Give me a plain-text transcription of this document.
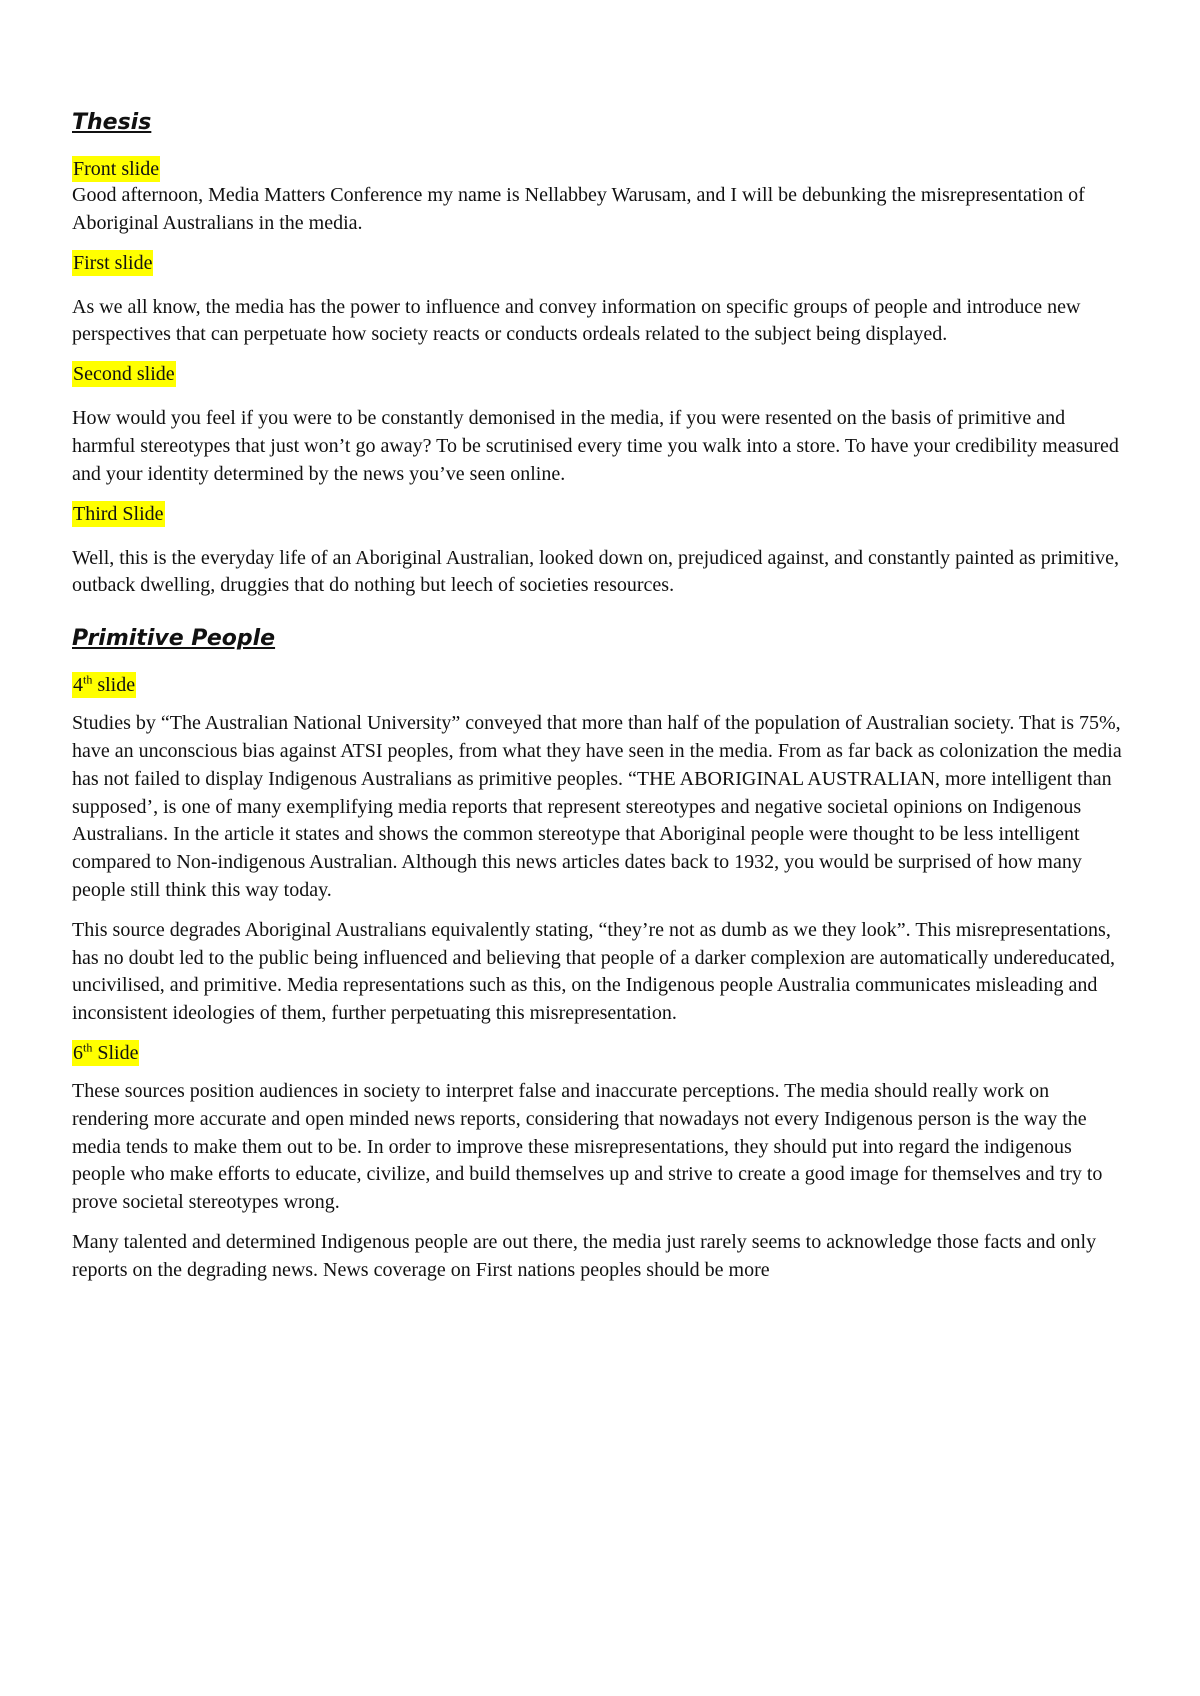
Thesis
Front slide

Good afternoon, Media Matters Conference my name is Nellabbey Warusam, and I will be debunking the misrepresentation of Aboriginal Australians in the media.

First slide

As we all know, the media has the power to influence and convey information on specific groups of people and introduce new perspectives that can perpetuate how society reacts or conducts ordeals related to the subject being displayed.

Second slide

How would you feel if you were to be constantly demonised in the media, if you were resented on the basis of primitive and harmful stereotypes that just won’t go away? To be scrutinised every time you walk into a store. To have your credibility measured and your identity determined by the news you’ve seen online.

Third Slide

Well, this is the everyday life of an Aboriginal Australian, looked down on, prejudiced against, and constantly painted as primitive, outback dwelling, druggies that do nothing but leech of societies resources.

Primitive People
4th slide

Studies by “The Australian National University” conveyed that more than half of the population of Australian society. That is 75%, have an unconscious bias against ATSI peoples, from what they have seen in the media. From as far back as colonization the media has not failed to display Indigenous Australians as primitive peoples. “THE ABORIGINAL AUSTRALIAN, more intelligent than supposed’, is one of many exemplifying media reports that represent stereotypes and negative societal opinions on Indigenous Australians. In the article it states and shows the common stereotype that Aboriginal people were thought to be less intelligent compared to Non-indigenous Australian. Although this news articles dates back to 1932, you would be surprised of how many people still think this way today.

This source degrades Aboriginal Australians equivalently stating, “they’re not as dumb as we they look”. This misrepresentations, has no doubt led to the public being influenced and believing that people of a darker complexion are automatically undereducated, uncivilised, and primitive. Media representations such as this, on the Indigenous people Australia communicates misleading and inconsistent ideologies of them, further perpetuating this misrepresentation.

6th Slide

These sources position audiences in society to interpret false and inaccurate perceptions. The media should really work on rendering more accurate and open minded news reports, considering that nowadays not every Indigenous person is the way the media tends to make them out to be. In order to improve these misrepresentations, they should put into regard the indigenous people who make efforts to educate, civilize, and build themselves up and strive to create a good image for themselves and try to prove societal stereotypes wrong.

Many talented and determined Indigenous people are out there, the media just rarely seems to acknowledge those facts and only reports on the degrading news. News coverage on First nations peoples should be more
